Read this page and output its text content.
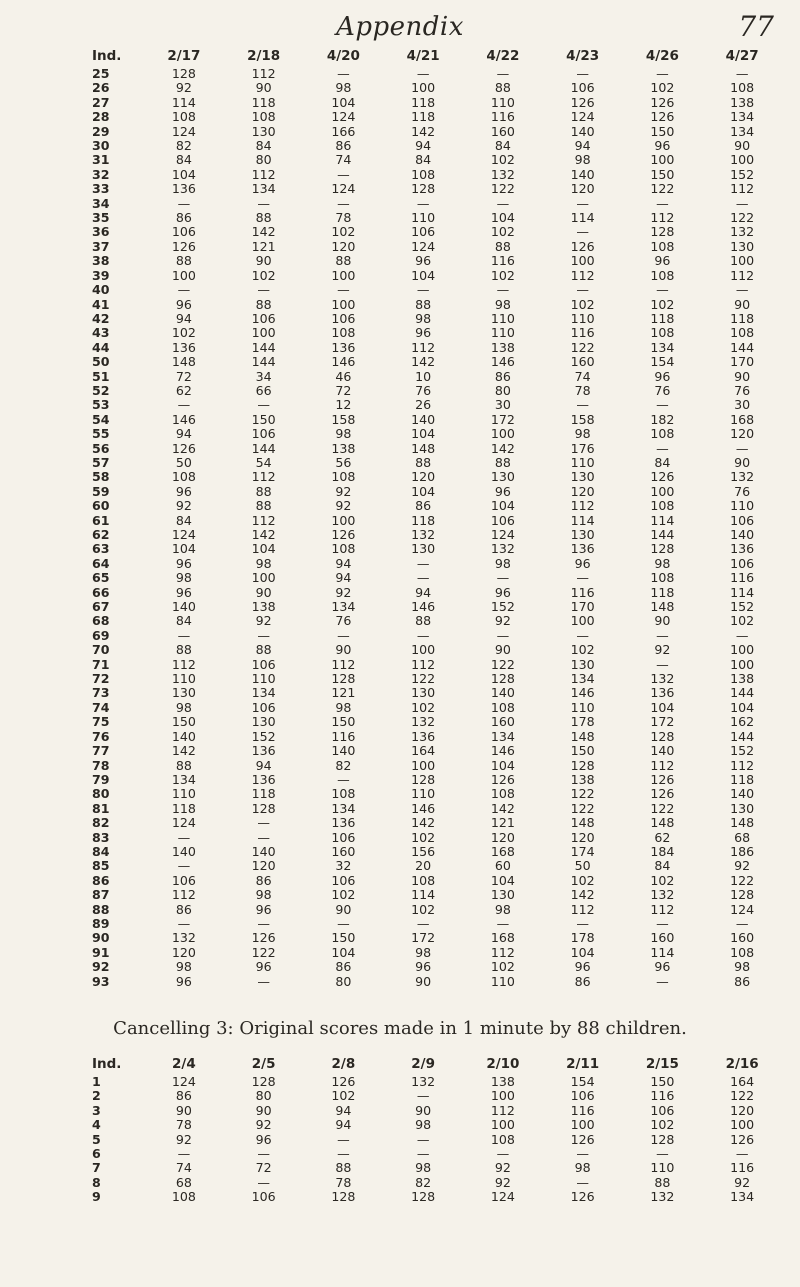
Appendix	77
Ind.	2/17	2/18	4/20	4/21	4/22	4/23	4/26	4/27
25	128	112	—	—	—	—	—	—
26	92	90	98	100	88	106	102	108
27	114	118	104	118	110	126	126	138
28	108	108	124	118	116	124	126	134
29	124	130	166	142	160	140	150	134
30	82	84	86	94	84	94	96	90
31	84	80	74	84	102	98	100	100
32	104	112	—	108	132	140	150	152
33	136	134	124	128	122	120	122	112
34	—	—	—	—	—	—	—	—
35	86	88	78	110	104	114	112	122
36	106	142	102	106	102	—	128	132
37	126	121	120	124	88	126	108	130
38	88	90	88	96	116	100	96	100
39	100	102	100	104	102	112	108	112
40	—	—	—	—	—	—	—	—
41	96	88	100	88	98	102	102	90
42	94	106	106	98	110	110	118	118
43	102	100	108	96	110	116	108	108
44	136	144	136	112	138	122	134	144
50	148	144	146	142	146	160	154	170
51	72	34	46	10	86	74	96	90
52	62	66	72	76	80	78	76	76
53	—	—	12	26	30	—	—	30
54	146	150	158	140	172	158	182	168
55	94	106	98	104	100	98	108	120
56	126	144	138	148	142	176	—	—
57	50	54	56	88	88	110	84	90
58	108	112	108	120	130	130	126	132
59	96	88	92	104	96	120	100	76
60	92	88	92	86	104	112	108	110
61	84	112	100	118	106	114	114	106
62	124	142	126	132	124	130	144	140
63	104	104	108	130	132	136	128	136
64	96	98	94	—	98	96	98	106
65	98	100	94	—	—	—	108	116
66	96	90	92	94	96	116	118	114
67	140	138	134	146	152	170	148	152
68	84	92	76	88	92	100	90	102
69	—	—	—	—	—	—	—	—
70	88	88	90	100	90	102	92	100
71	112	106	112	112	122	130	—	100
72	110	110	128	122	128	134	132	138
73	130	134	121	130	140	146	136	144
74	98	106	98	102	108	110	104	104
75	150	130	150	132	160	178	172	162
76	140	152	116	136	134	148	128	144
77	142	136	140	164	146	150	140	152
78	88	94	82	100	104	128	112	112
79	134	136	—	128	126	138	126	118
80	110	118	108	110	108	122	126	140
81	118	128	134	146	142	122	122	130
82	124	—	136	142	121	148	148	148
83	—	—	106	102	120	120	62	68
84	140	140	160	156	168	174	184	186
85	—	120	32	20	60	50	84	92
86	106	86	106	108	104	102	102	122
87	112	98	102	114	130	142	132	128
88	86	96	90	102	98	112	112	124
89	—	—	—	—	—	—	—	—
90	132	126	150	172	168	178	160	160
91	120	122	104	98	112	104	114	108
92	98	96	86	96	102	96	96	98
93	96	—	80	90	110	86	—	86
Cancelling 3: Original scores made in 1 minute by 88 children.
Ind.	2/4	2/5	2/8	2/9	2/10	2/11	2/15	2/16
1	124	128	126	132	138	154	150	164
2	86	80	102	—	100	106	116	122
3	90	90	94	90	112	116	106	120
4	78	92	94	98	100	100	102	100
5	92	96	—	—	108	126	128	126
6	—	—	—	—	—	—	—	—
7	74	72	88	98	92	98	110	116
8	68	—	78	82	92	—	88	92
9	108	106	128	128	124	126	132	134
